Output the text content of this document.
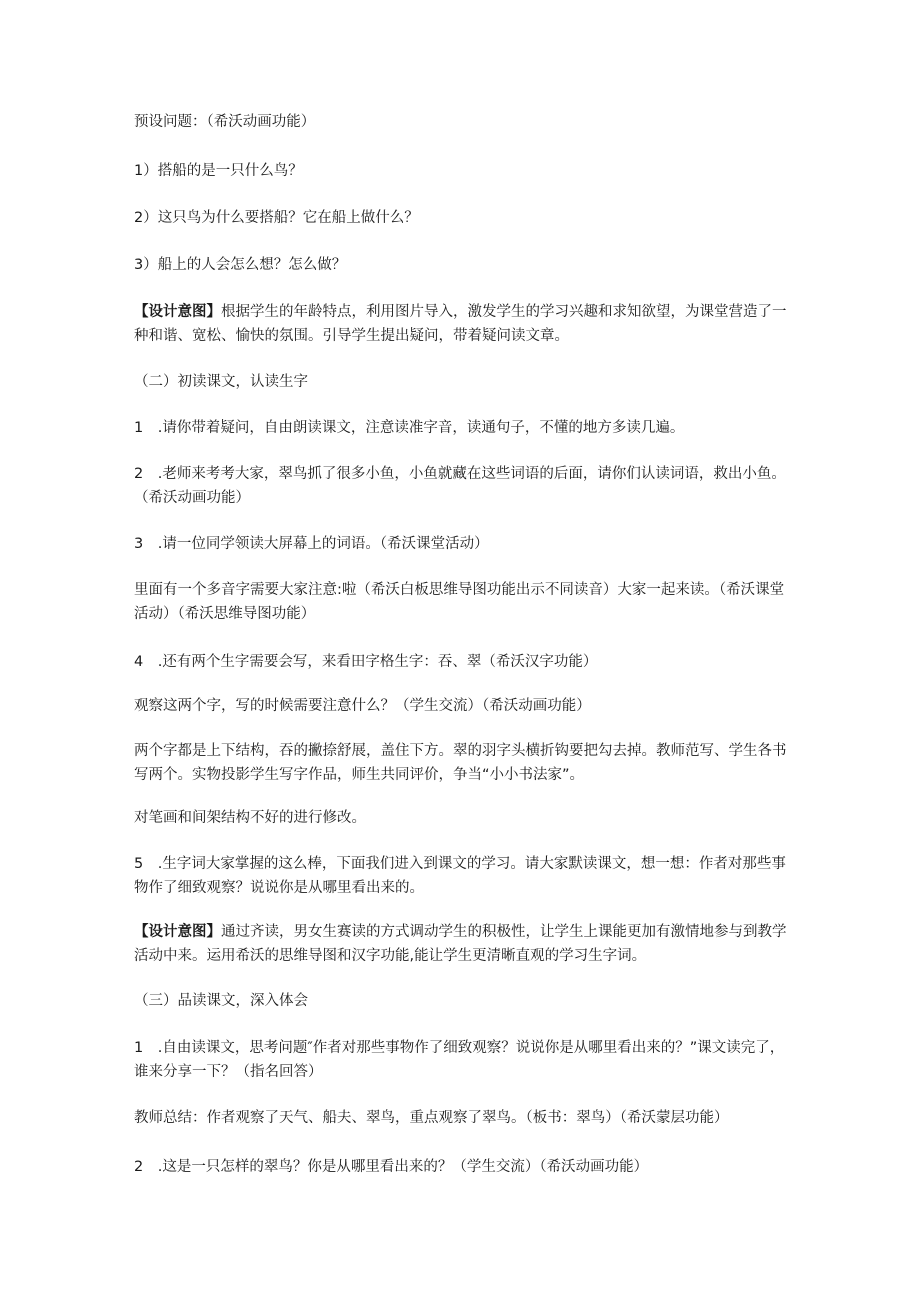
预设问题：（希沃动画功能）

1）搭船的是一只什么鸟？

2）这只鸟为什么要搭船？它在船上做什么？

3）船上的人会怎么想？怎么做？

【设计意图】根据学生的年龄特点，利用图片导入，激发学生的学习兴趣和求知欲望，为课堂营造了一种和谐、宽松、愉快的氛围。引导学生提出疑问，带着疑问读文章。

（二）初读课文，认读生字

1　.请你带着疑问，自由朗读课文，注意读准字音，读通句子，不懂的地方多读几遍。

2　.老师来考考大家，翠鸟抓了很多小鱼，小鱼就藏在这些词语的后面，请你们认读词语，救出小鱼。（希沃动画功能）

3　.请一位同学领读大屏幕上的词语。（希沃课堂活动）

里面有一个多音字需要大家注意:啦（希沃白板思维导图功能出示不同读音）大家一起来读。（希沃课堂活动）（希沃思维导图功能）

4　.还有两个生字需要会写，来看田字格生字：吞、翠（希沃汉字功能）

观察这两个字，写的时候需要注意什么？（学生交流）（希沃动画功能）

两个字都是上下结构，吞的撇捺舒展，盖住下方。翠的羽字头横折钩要把勾去掉。教师范写、学生各书写两个。实物投影学生写字作品，师生共同评价，争当“小小书法家”。

对笔画和间架结构不好的进行修改。

5　.生字词大家掌握的这么棒，下面我们进入到课文的学习。请大家默读课文，想一想：作者对那些事物作了细致观察？说说你是从哪里看出来的。

【设计意图】通过齐读，男女生赛读的方式调动学生的积极性，让学生上课能更加有激情地参与到教学活动中来。运用希沃的思维导图和汉字功能,能让学生更清晰直观的学习生字词。

（三）品读课文，深入体会

1　.自由读课文，思考问题″作者对那些事物作了细致观察？说说你是从哪里看出来的？”课文读完了，谁来分享一下？（指名回答）

教师总结：作者观察了天气、船夫、翠鸟，重点观察了翠鸟。（板书：翠鸟）（希沃蒙层功能）

2　.这是一只怎样的翠鸟？你是从哪里看出来的？（学生交流）（希沃动画功能）
